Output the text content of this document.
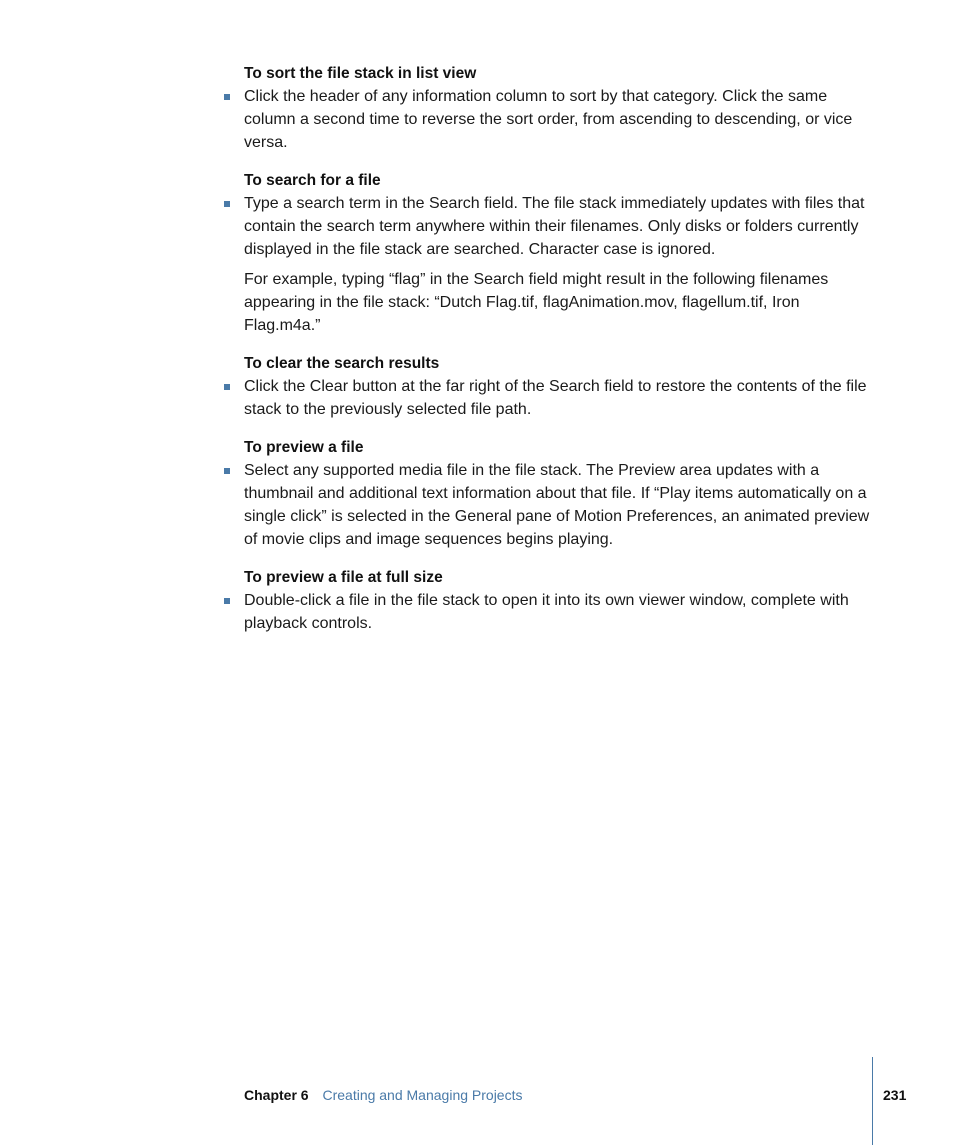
To sort the file stack in list view
Click the header of any information column to sort by that category. Click the same column a second time to reverse the sort order, from ascending to descending, or vice versa.
To search for a file
Type a search term in the Search field. The file stack immediately updates with files that contain the search term anywhere within their filenames. Only disks or folders currently displayed in the file stack are searched. Character case is ignored.
For example, typing “flag” in the Search field might result in the following filenames appearing in the file stack: “Dutch Flag.tif, flagAnimation.mov, flagellum.tif, Iron Flag.m4a.”
To clear the search results
Click the Clear button at the far right of the Search field to restore the contents of the file stack to the previously selected file path.
To preview a file
Select any supported media file in the file stack. The Preview area updates with a thumbnail and additional text information about that file. If “Play items automatically on a single click” is selected in the General pane of Motion Preferences, an animated preview of movie clips and image sequences begins playing.
To preview a file at full size
Double-click a file in the file stack to open it into its own viewer window, complete with playback controls.
Chapter 6 Creating and Managing Projects	231
